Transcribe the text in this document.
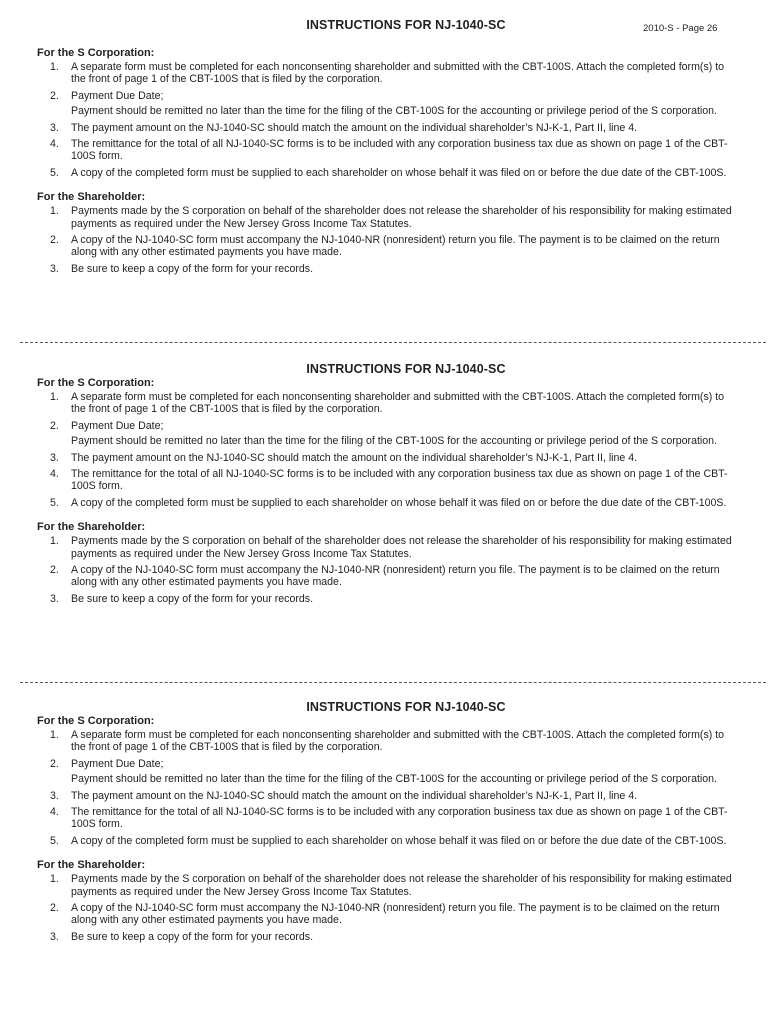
INSTRUCTIONS FOR NJ-1040-SC	2010-S - Page 26
For the S Corporation:
1. A separate form must be completed for each nonconsenting shareholder and submitted with the CBT-100S. Attach the completed form(s) to the front of page 1 of the CBT-100S that is filed by the corporation.

2. Payment Due Date;

Payment should be remitted no later than the time for the filing of the CBT-100S for the accounting or privilege period of the S corporation.

3. The payment amount on the NJ-1040-SC should match the amount on the individual shareholder’s NJ-K-1, Part II, line 4.

4. The remittance for the total of all NJ-1040-SC forms is to be included with any corporation business tax due as shown on page 1 of the CBT-100S form.

5. A copy of the completed form must be supplied to each shareholder on whose behalf it was filed on or before the due date of the CBT-100S.

For the Shareholder:
1. Payments made by the S corporation on behalf of the shareholder does not release the shareholder of his responsibility for making estimated payments as required under the New Jersey Gross Income Tax Statutes.

2. A copy of the NJ-1040-SC form must accompany the NJ-1040-NR (nonresident) return you file. The payment is to be claimed on the return along with any other estimated payments you have made.

3. Be sure to keep a copy of the form for your records.

INSTRUCTIONS FOR NJ-1040-SC
For the S Corporation:
1. A separate form must be completed for each nonconsenting shareholder and submitted with the CBT-100S. Attach the completed form(s) to the front of page 1 of the CBT-100S that is filed by the corporation.

2. Payment Due Date;

Payment should be remitted no later than the time for the filing of the CBT-100S for the accounting or privilege period of the S corporation.

3. The payment amount on the NJ-1040-SC should match the amount on the individual shareholder’s NJ-K-1, Part II, line 4.

4. The remittance for the total of all NJ-1040-SC forms is to be included with any corporation business tax due as shown on page 1 of the CBT-100S form.

5. A copy of the completed form must be supplied to each shareholder on whose behalf it was filed on or before the due date of the CBT-100S.

For the Shareholder:
1. Payments made by the S corporation on behalf of the shareholder does not release the shareholder of his responsibility for making estimated payments as required under the New Jersey Gross Income Tax Statutes.

2. A copy of the NJ-1040-SC form must accompany the NJ-1040-NR (nonresident) return you file. The payment is to be claimed on the return along with any other estimated payments you have made.

3. Be sure to keep a copy of the form for your records.

INSTRUCTIONS FOR NJ-1040-SC
For the S Corporation:
1. A separate form must be completed for each nonconsenting shareholder and submitted with the CBT-100S. Attach the completed form(s) to the front of page 1 of the CBT-100S that is filed by the corporation.

2. Payment Due Date;

Payment should be remitted no later than the time for the filing of the CBT-100S for the accounting or privilege period of the S corporation.

3. The payment amount on the NJ-1040-SC should match the amount on the individual shareholder’s NJ-K-1, Part II, line 4.

4. The remittance for the total of all NJ-1040-SC forms is to be included with any corporation business tax due as shown on page 1 of the CBT-100S form.

5. A copy of the completed form must be supplied to each shareholder on whose behalf it was filed on or before the due date of the CBT-100S.

For the Shareholder:
1. Payments made by the S corporation on behalf of the shareholder does not release the shareholder of his responsibility for making estimated payments as required under the New Jersey Gross Income Tax Statutes.

2. A copy of the NJ-1040-SC form must accompany the NJ-1040-NR (nonresident) return you file. The payment is to be claimed on the return along with any other estimated payments you have made.

3. Be sure to keep a copy of the form for your records.
